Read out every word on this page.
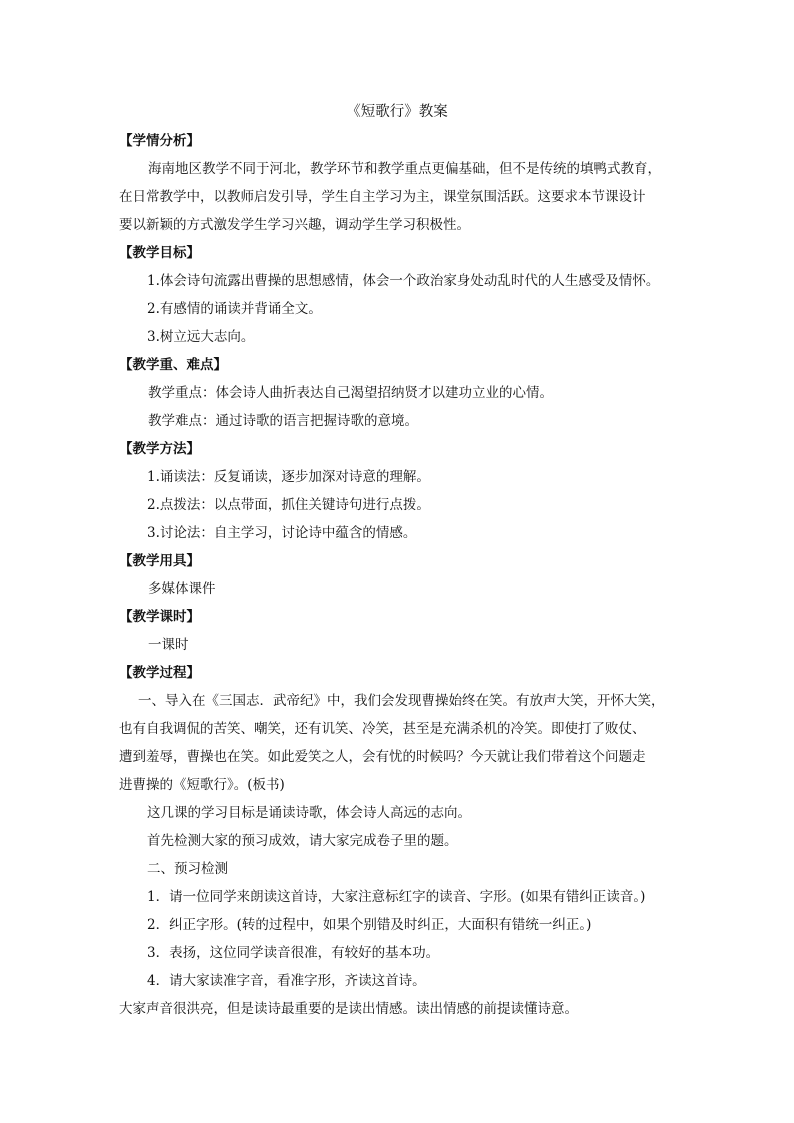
《短歌行》教案
【学情分析】
海南地区教学不同于河北，教学环节和教学重点更偏基础，但不是传统的填鸭式教育，
在日常教学中，以教师启发引导，学生自主学习为主，课堂氛围活跃。这要求本节课设计
要以新颖的方式激发学生学习兴趣，调动学生学习积极性。
【教学目标】
1.体会诗句流露出曹操的思想感情，体会一个政治家身处动乱时代的人生感受及情怀。
2.有感情的诵读并背诵全文。
3.树立远大志向。
【教学重、难点】
教学重点：体会诗人曲折表达自己渴望招纳贤才以建功立业的心情。
教学难点：通过诗歌的语言把握诗歌的意境。
【教学方法】
1.诵读法：反复诵读，逐步加深对诗意的理解。
2.点拨法：以点带面，抓住关键诗句进行点拨。
3.讨论法：自主学习，讨论诗中蕴含的情感。
【教学用具】
多媒体课件
【教学课时】
一课时
【教学过程】
一、导入在《三国志．武帝纪》中，我们会发现曹操始终在笑。有放声大笑，开怀大笑，
也有自我调侃的苦笑、嘲笑，还有讥笑、冷笑，甚至是充满杀机的冷笑。即使打了败仗、
遭到羞辱，曹操也在笑。如此爱笑之人，会有忧的时候吗？今天就让我们带着这个问题走
进曹操的《短歌行》。(板书)
这几课的学习目标是诵读诗歌，体会诗人高远的志向。
首先检测大家的预习成效，请大家完成卷子里的题。
二、预习检测
1．请一位同学来朗读这首诗，大家注意标红字的读音、字形。(如果有错纠正读音。)
2．纠正字形。(转的过程中，如果个别错及时纠正，大面积有错统一纠正。)
3．表扬，这位同学读音很准，有较好的基本功。
4．请大家读准字音，看准字形，齐读这首诗。
大家声音很洪亮，但是读诗最重要的是读出情感。读出情感的前提读懂诗意。
